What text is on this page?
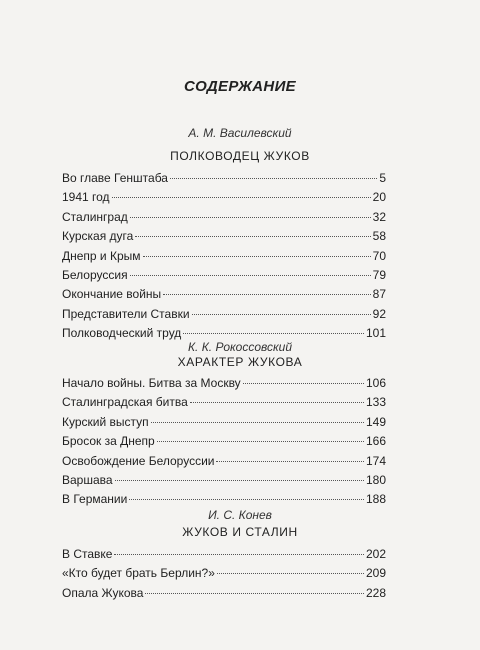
СОДЕРЖАНИЕ
А. М. Василевский
ПОЛКОВОДЕЦ ЖУКОВ
Во главе Генштаба	5
1941 год	20
Сталинград	32
Курская дуга	58
Днепр и Крым	70
Белоруссия	79
Окончание войны	87
Представители Ставки	92
Полководческий труд	101
К. К. Рокоссовский
ХАРАКТЕР ЖУКОВА
Начало войны. Битва за Москву	106
Сталинградская битва	133
Курский выступ	149
Бросок за Днепр	166
Освобождение Белоруссии	174
Варшава	180
В Германии	188
И. С. Конев
ЖУКОВ И СТАЛИН
В Ставке	202
«Кто будет брать Берлин?»	209
Опала Жукова	228
